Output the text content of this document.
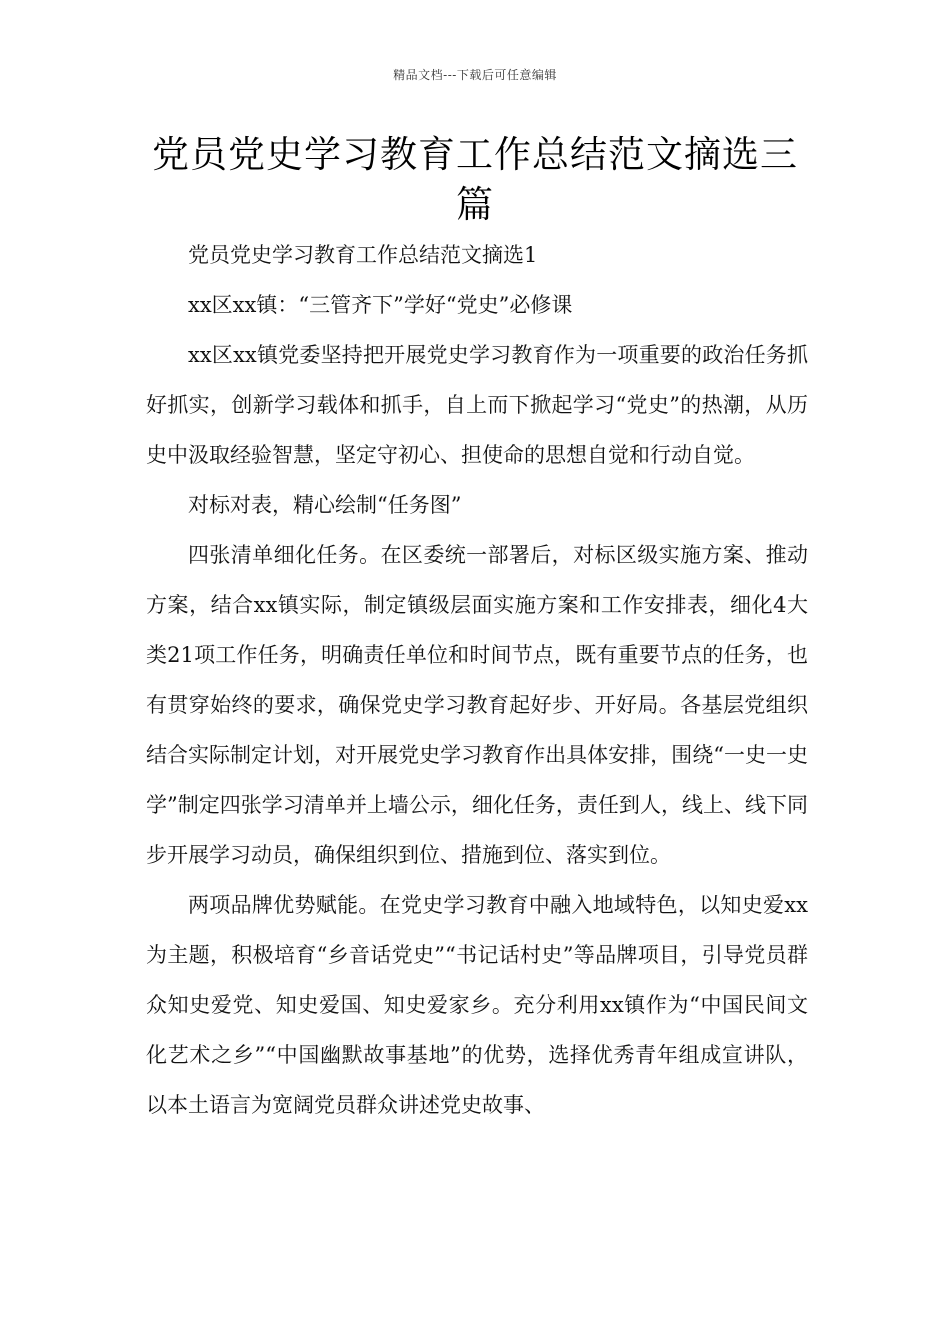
精品文档---下载后可任意编辑
党员党史学习教育工作总结范文摘选三篇

党员党史学习教育工作总结范文摘选1

xx区xx镇：“三管齐下”学好“党史”必修课

xx区xx镇党委坚持把开展党史学习教育作为一项重要的政治任务抓好抓实，创新学习载体和抓手，自上而下掀起学习“党史”的热潮，从历史中汲取经验智慧，坚定守初心、担使命的思想自觉和行动自觉。

对标对表，精心绘制“任务图”

四张清单细化任务。在区委统一部署后，对标区级实施方案、推动方案，结合xx镇实际，制定镇级层面实施方案和工作安排表，细化4大类21项工作任务，明确责任单位和时间节点，既有重要节点的任务，也有贯穿始终的要求，确保党史学习教育起好步、开好局。各基层党组织结合实际制定计划，对开展党史学习教育作出具体安排，围绕“一史一史学”制定四张学习清单并上墙公示，细化任务，责任到人，线上、线下同步开展学习动员，确保组织到位、措施到位、落实到位。

两项品牌优势赋能。在党史学习教育中融入地域特色，以知史爱xx为主题，积极培育“乡音话党史”“书记话村史”等品牌项目，引导党员群众知史爱党、知史爱国、知史爱家乡。充分利用xx镇作为“中国民间文化艺术之乡”“中国幽默故事基地”的优势，选择优秀青年组成宣讲队，以本土语言为宽阔党员群众讲述党史故事、
